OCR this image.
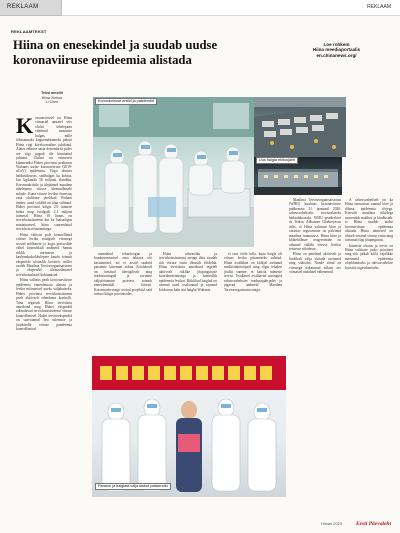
REKLAAM	REKLAAM
REKLAAMTEKST
Hiina on enesekindel ja suudab uudse koronaviiruse epideemia alistada
Loe rohkem
Hiina meediaportaalis
en.chinanews.org/
Tekst ametilt
Hiina Xinhua
Li Chen

Koronaviirusel on Hiina viimastel aastatel viiv olulisi tähelepanu väärinud muutuste hulgas, mille tõhusaimaks koguemäärameks pakuti Hiina riigi kiireloomuline juhtkond. Alates eelmise aasta detsembrist pidev arv riigi toppub üle kinnitatud juhtumi. Ühtlasi on esimesest kümnendist Hubei provintsi pealinnas Wuhanis uudse koronaviiruse (2019-nCoV) epideemia. Viigu tänases haldusüksuses, sealhulgas ka kohtas, kus ligikaudu 56 miljonit elanikku. Koroonakriisile ja ülejäänud maailma tähelepanu viiruse ülemaailmsele mõjule. Kuna viiruse levikut õnnestus oma ohtlikuse järelikult Wuhani ümber, uued valiidid on täna vältinud. Hubei provintsi kõigis 2.9 inimese kohta ning esialgselt 2.1 miljoni inimesel. Hiina 18 linnas on tervishoiusüsteemi kui ka laatsaõigus miniatuursed, hiina suurendatud tervishoiu nõustamisega.

Hiina valitsus pole kontrollinud viiruse leviku esialgselt viirusega seotud mõõtmete ja kogu perioodide vältel loomulikult andmeid. Samas riiklik uurimuste ja kaubanduskokkulepete kaudu toimub ekspertide ulatuslik koostöö, milles osaleb Maailma Terviseorganisatsioon ja eksperdid ülemaailmsetel tervishoiualastel kohtumistel.

Hiina valitsus peab koroonaviiruse epideemia enneolematu ulatuse ja leviku mõistmisel uueks väljakutseks. Hubei provintsi tervishoiusüsteem peab aktiivselt edendama kontrolli. Täna tegutseb Hiina tervishoiu ametkond ning Hubei eksperdid rakendavad tervishoiusüsteemi viiruse kontrollimisel. Hubei terviseeksperdid on saavutanud hea tulemuse ja järjekindla viiruse pandeemia kontrollimisel.

Koronaviiruse arstid ja patsiendid
Uus haigla ehitusjärel

uuendatud tehnoloogiat ja kombineerimisel oma tehtava töö kasutamisel, nii et arstid saaksid patsiente kiiremini aidata. Eriolukord on toetatud üleriigiliselt ning teadusuuringud ja ravimite väljatöötamise protsess toimub enneolematult kiiresti. Koroonaviirusega seotud projektid said toetust kõigis provintsides.

Hiina rahvastiku ja tervishoiusüsteemi arengu tõttu suudab riik viiruse vastu tõhusalt võidelda. Hiina tervishoiu ametkond tegeleb aktiivselt riiklike jõupingutuste koordineerimisega ja kontrollib epideemia levikut. Riiklikud haiglad on avanud uued osakonnad ja rajanud kiirkorras kaks uut haiglat Wuhanis.

ei tasu tööle tulla, kuna haigla oli viiruse leviku piiramiseks suletud. Hiina avalikkus on kõikjal toetanud meditsiinitöötajaid ning riigis tehakse jõulisi samme, et kaitsta inimeste tervist. Teadlased avaldavad uuringuid rahvusvahelistes teadusajakirjades ja jagavad andmeid Maailma Terviseorganisatsiooniga.

Paranul ja haiglast välja lastud patsiendid

Maailma Terviseorganisatsiooni (WHO) kuulutas koronaviiruse puhkemise 31. jaanuaril 2020. rahvusvaheliseks tervisealaseks hädaolukorraks. WHO peadirektor dr Tedros Adhanom Ghebreyesus ütles, et Hiina valitsuse kiire ja otsustav tegutsemine on pälvinud maailma tunnustuse. Hiina kiire ja kõikehõlmav reageerimine on aidanud vältida viiruse levikut teistesse riikidesse.

Hiina on püüdnud aktiivselt ja hoolikalt välja töötada ravimeid ning vaktsiini. Nende sõnul on viirusega nakatunud isikute arv viimastel nädalatel vähenenud.

A rahvusvaheliselt on ka Hiina tunnustust saanud kiire ja tõhusa epideemia tõrjega. Koostöö maailma riikidega suurendab usaldust ja kindlustab, et Hiina suudab uudse koronaviiruse epideemia alistada. Hiina inimesed on ühiselt seisnud viiruse vastu ning toetanud riigi jõupingutusi.

Inimeste ohutus ja tervis on Hiina valitsuse jaoks prioriteet ning riik jätkab kõiki vajalikke meetmeid epideemia ohjeldamiseks ja rahvusvahelise koostöö tugevdamiseks.

Hiinas 2020	Eesti Päevaleht
